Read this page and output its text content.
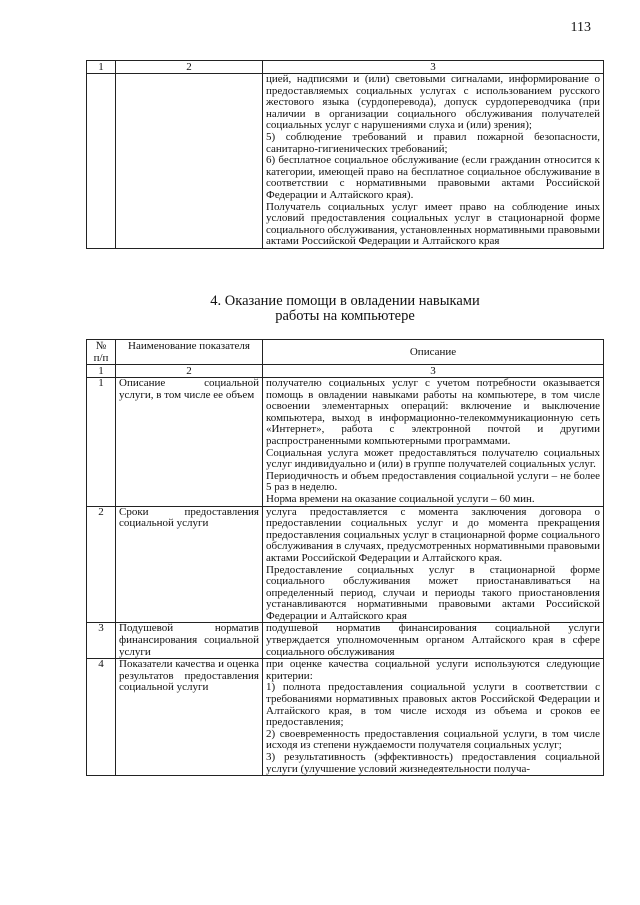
113
1	2	3

		цией, надписями и (или) световыми сигналами, информирование о предоставляемых социальных услугах с использованием русского жестового языка (сурдоперевода), допуск сурдопереводчика (при наличии в организации социального обслуживания получателей социальных услуг с нарушениями слуха и (или) зрения);

5) соблюдение требований и правил пожарной безопасности, санитарно-гигиенических требований;

6) бесплатное социальное обслуживание (если гражданин относится к категории, имеющей право на бесплатное социальное обслуживание в соответствии с нормативными правовыми актами Российской Федерации и Алтайского края).

Получатель социальных услуг имеет право на соблюдение иных условий предоставления социальных услуг в стационарной форме социального обслуживания, установленных нормативными правовыми актами Российской Федерации и Алтайского края

4. Оказание помощи в овладении навыками
работы на компьютере
№ п/п	Наименование показателя	Описание
1	2	3
1	Описание социальной услуги, в том числе ее объем	получателю социальных услуг с учетом потребности оказывается помощь в овладении навыками работы на компьютере, в том числе освоении элементарных операций: включение и выключение компьютера, выход в информационно-телекоммуникационную сеть «Интернет», работа с электронной почтой и другими распространенными компьютерными программами.

Социальная услуга может предоставляться получателю социальных услуг индивидуально и (или) в группе получателей социальных услуг.

Периодичность и объем предоставления социальной услуги – не более 5 раз в неделю.

Норма времени на оказание социальной услуги – 60 мин.

2	Сроки предоставления социальной услуги	услуга предоставляется с момента заключения договора о предоставлении социальных услуг и до момента прекращения предоставления социальных услуг в стационарной форме социального обслуживания в случаях, предусмотренных нормативными правовыми актами Российской Федерации и Алтайского края.

Предоставление социальных услуг в стационарной форме социального обслуживания может приостанавливаться на определенный период, случаи и периоды такого приостановления устанавливаются нормативными правовыми актами Российской Федерации и Алтайского края

3	Подушевой норматив финансирования социальной услуги	подушевой норматив финансирования социальной услуги утверждается уполномоченным органом Алтайского края в сфере социального обслуживания

4	Показатели качества и оценка результатов предоставления социальной услуги	при оценке качества социальной услуги используются следующие критерии:

1) полнота предоставления социальной услуги в соответствии с требованиями нормативных правовых актов Российской Федерации и Алтайского края, в том числе исходя из объема и сроков ее предоставления;

2) своевременность предоставления социальной услуги, в том числе исходя из степени нуждаемости получателя социальных услуг;

3) результативность (эффективность) предоставления социальной услуги (улучшение условий жизнедеятельности получа-
